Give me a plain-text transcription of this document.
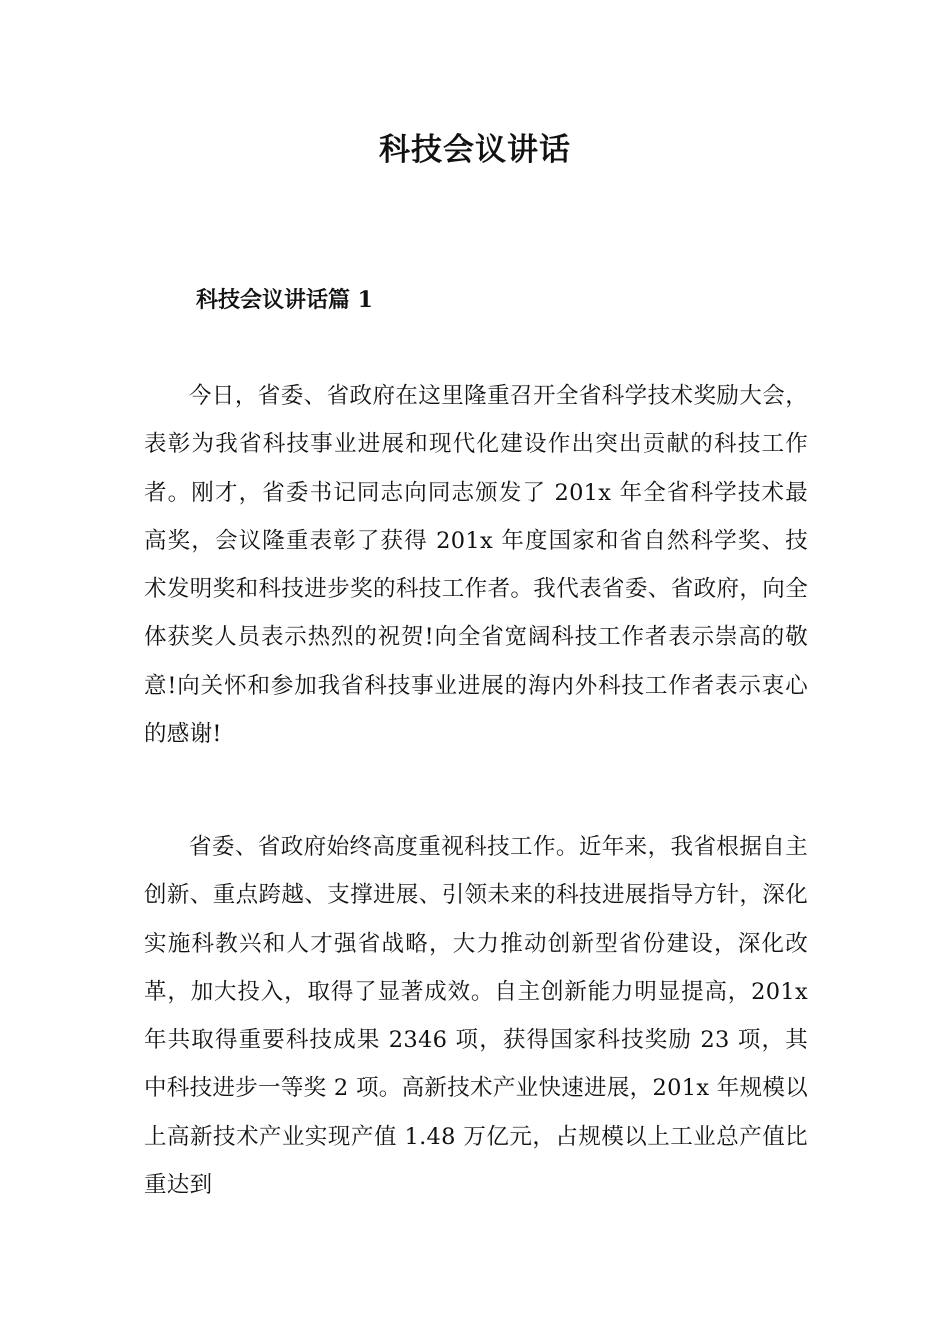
科技会议讲话
科技会议讲话篇 1

今日，省委、省政府在这里隆重召开全省科学技术奖励大会，表彰为我省科技事业进展和现代化建设作出突出贡献的科技工作者。刚才，省委书记同志向同志颁发了 201x 年全省科学技术最高奖，会议隆重表彰了获得 201x 年度国家和省自然科学奖、技术发明奖和科技进步奖的科技工作者。我代表省委、省政府，向全体获奖人员表示热烈的祝贺!向全省宽阔科技工作者表示崇高的敬意!向关怀和参加我省科技事业进展的海内外科技工作者表示衷心的感谢!

省委、省政府始终高度重视科技工作。近年来，我省根据自主创新、重点跨越、支撑进展、引领未来的科技进展指导方针，深化实施科教兴和人才强省战略，大力推动创新型省份建设，深化改革，加大投入，取得了显著成效。自主创新能力明显提高，201x 年共取得重要科技成果 2346 项，获得国家科技奖励 23 项，其中科技进步一等奖 2 项。高新技术产业快速进展，201x 年规模以上高新技术产业实现产值 1.48 万亿元，占规模以上工业总产值比重达到
